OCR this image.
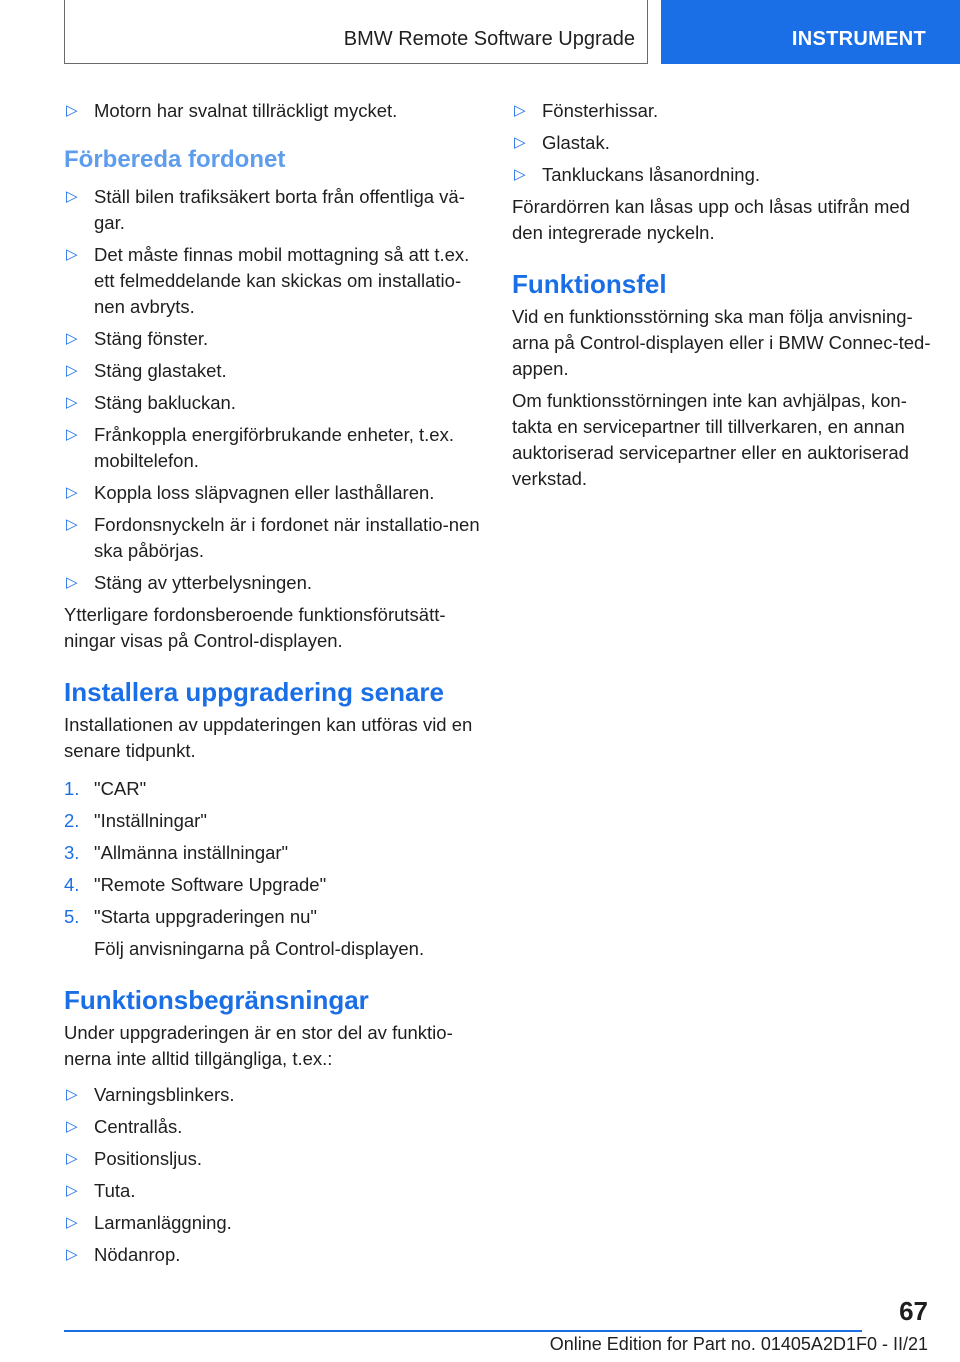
BMW Remote Software Upgrade	INSTRUMENT
▷ Motorn har svalnat tillräckligt mycket.
Förbereda fordonet
▷ Ställ bilen trafiksäkert borta från offentliga vä-gar.
▷ Det måste finnas mobil mottagning så att t.ex. ett felmeddelande kan skickas om installatio-nen avbryts.
▷ Stäng fönster.
▷ Stäng glastaket.
▷ Stäng bakluckan.
▷ Frånkoppla energiförbrukande enheter, t.ex. mobiltelefon.
▷ Koppla loss släpvagnen eller lasthållaren.
▷ Fordonsnyckeln är i fordonet när installatio-nen ska påbörjas.
▷ Stäng av ytterbelysningen.

Ytterligare fordonsberoende funktionsförutsätt-ningar visas på Control-displayen.

Installera uppgradering senare

Installationen av uppdateringen kan utföras vid en senare tidpunkt.

1. "CAR"
2. "Inställningar"
3. "Allmänna inställningar"
4. "Remote Software Upgrade"
5. "Starta uppgraderingen nu"

Följ anvisningarna på Control-displayen.

Funktionsbegränsningar

Under uppgraderingen är en stor del av funktio-nerna inte alltid tillgängliga, t.ex.:

▷ Varningsblinkers.
▷ Centrallås.
▷ Positionsljus.
▷ Tuta.
▷ Larmanläggning.
▷ Nödanrop.
▷ Fönsterhissar.
▷ Glastak.
▷ Tankluckans låsanordning.

Förardörren kan låsas upp och låsas utifrån med den integrerade nyckeln.

Funktionsfel

Vid en funktionsstörning ska man följa anvisning-arna på Control-displayen eller i BMW Connec-ted-appen.

Om funktionsstörningen inte kan avhjälpas, kon-takta en servicepartner till tillverkaren, en annan auktoriserad servicepartner eller en auktoriserad verkstad.

67
Online Edition for Part no. 01405A2D1F0 - II/21
